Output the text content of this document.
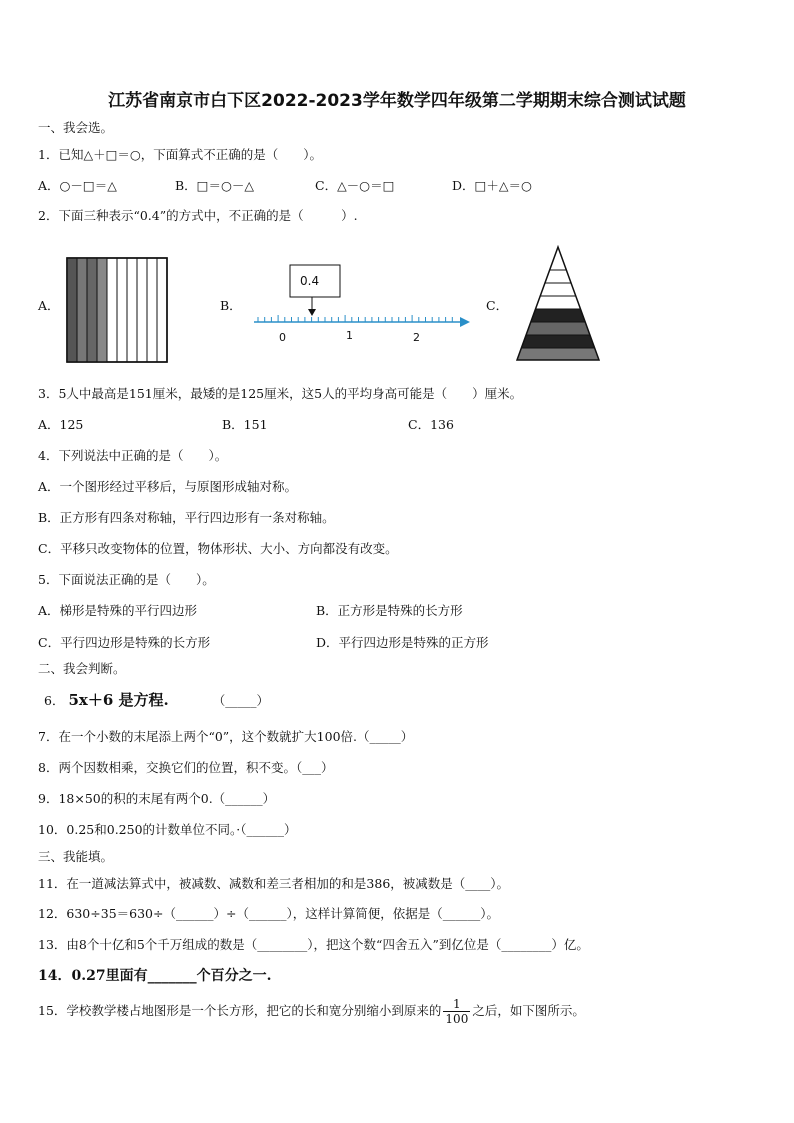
江苏省南京市白下区2022-2023学年数学四年级第二学期期末综合测试试题
一、我会选。
1．已知△＋□＝○，下面算式不正确的是（　　）。
A．○－□＝△	B．□＝○－△	C．△－○＝□	D．□＋△＝○
2．下面三种表示“0.4”的方式中，不正确的是（　　　）.
A．	B．	C．
0.4
0	1	2
3．5人中最高是151厘米，最矮的是125厘米，这5人的平均身高可能是（　　）厘米。
A．125	B．151	C．136
4．下列说法中正确的是（　　）。
A．一个图形经过平移后，与原图形成轴对称。
B．正方形有四条对称轴，平行四边形有一条对称轴。
C．平移只改变物体的位置，物体形状、大小、方向都没有改变。
5．下面说法正确的是（　　）。
A．梯形是特殊的平行四边形	B．正方形是特殊的长方形
C．平行四边形是特殊的长方形	D．平行四边形是特殊的正方形
二、我会判断。
6． 5x＋6 是方程.	（_____）
7．在一个小数的末尾添上两个“0”，这个数就扩大100倍.（_____）
8．两个因数相乘，交换它们的位置，积不变。（___）
9．18×50的积的末尾有两个0.（______）
10．0.25和0.250的计数单位不同。·（______）
三、我能填。
11．在一道减法算式中，被减数、减数和差三者相加的和是386，被减数是（____）。
12．630÷35＝630÷（______）÷（______），这样计算简便，依据是（______）。
13．由8个十亿和5个千万组成的数是（________），把这个数“四舍五入”到亿位是（________）亿。
14．0.27里面有_______个百分之一.
15．学校教学楼占地图形是一个长方形，把它的长和宽分别缩小到原来的 $\frac{1}{100}$ 之后，如下图所示。
